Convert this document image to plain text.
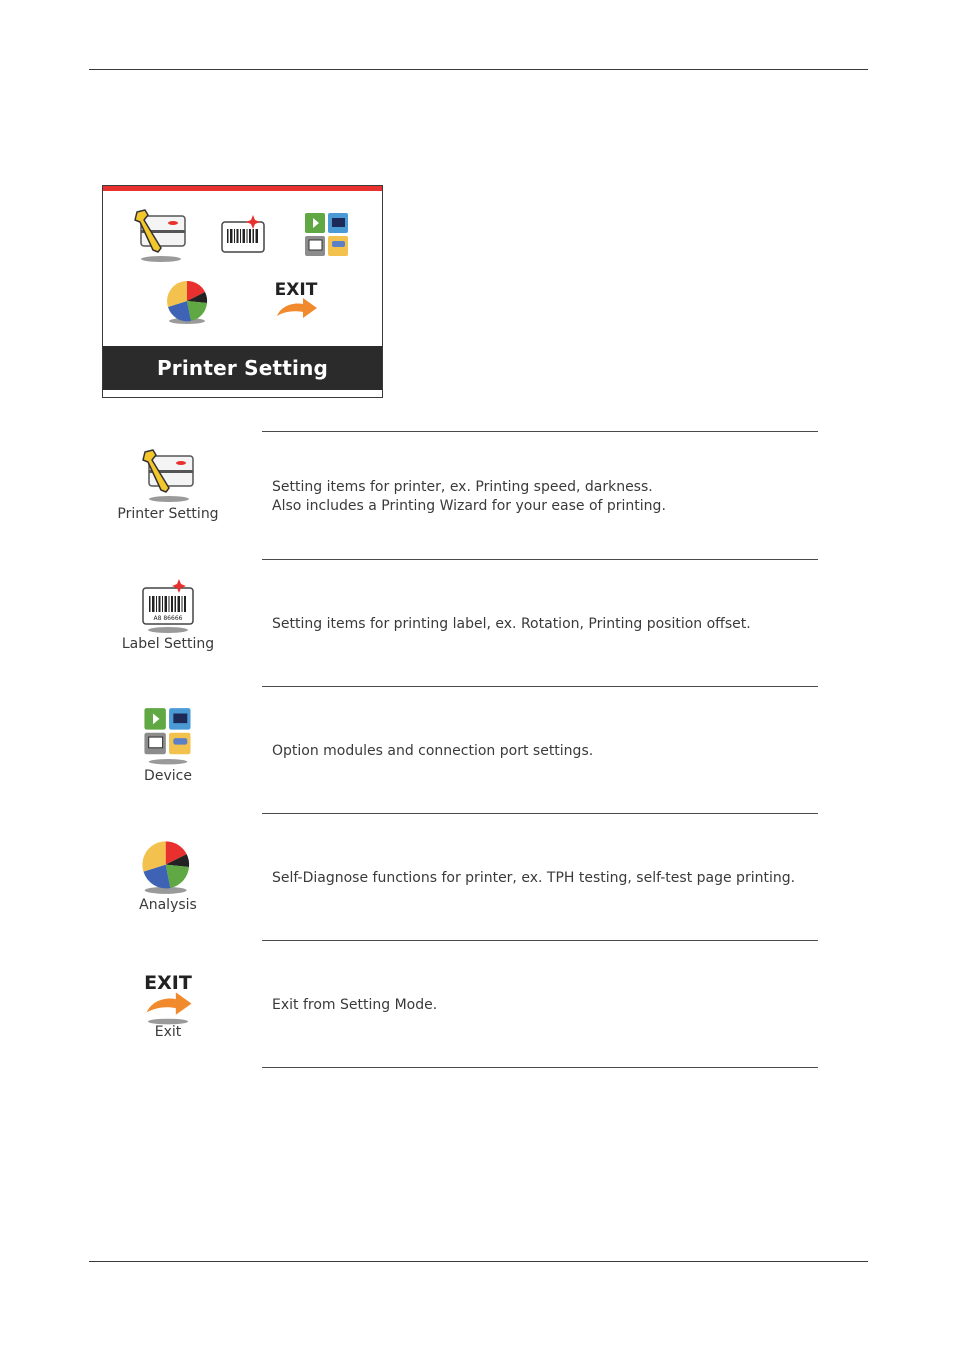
EXIT
Printer Setting
Printer Setting
Setting items for printer, ex. Printing speed, darkness.
Also includes a Printing Wizard for your ease of printing.
A8 86666
Label Setting
Setting items for printing label, ex. Rotation, Printing position offset.
Device
Option modules and connection port settings.
Analysis
Self-Diagnose functions for printer, ex. TPH testing, self-test page printing.
EXIT
Exit
Exit from Setting Mode.
